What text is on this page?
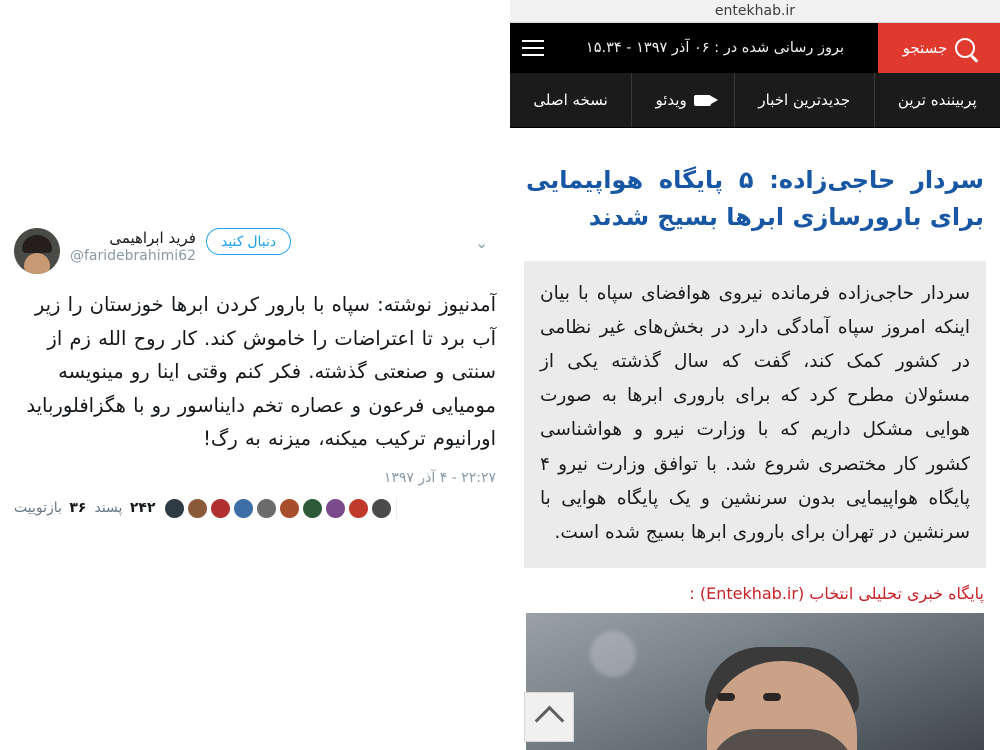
فرید ابراهیمی
@faridebrahimi62
دنبال کنید	⌄
آمدنیوز نوشته: سپاه با بارور کردن ابرها خوزستان را زیر آب برد تا اعتراضات را خاموش کند. کار روح الله زم از سنتی و صنعتی گذشته. فکر کنم وقتی اینا رو مینویسه مومیایی فرعون و عصاره تخم داینا‌سور رو با هگزافلورباید اورانیوم ترکیب میکنه، میزنه به رگ!
۲۲:۲۷ - ۴ آذر ۱۳۹۷
۳۶ بازتوییت	۲۴۲ پسند
entekhab.ir
جستجو
بروز رسانی شده در : ۰۶ آذر ۱۳۹۷ - ۱۵.۳۴
پربیننده ترین
جدیدترین اخبار
ویدئو
نسخه اصلی
سردار حاجی‌زاده: ۵ پایگاه هواپیمایی برای بارورسازی ابرها بسیج شدند
سردار حاجی‌زاده فرمانده نیروی هوافضای سپاه با بیان اینکه امروز سپاه آمادگی دارد در بخش‌های غیر نظامی در کشور کمک کند، گفت که سال گذشته یکی از مسئولان مطرح کرد که برای باروری ابرها به صورت هوایی مشکل داریم که با وزارت نیرو و هواشناسی کشور کار مختصری شروع شد. با توافق وزارت نیرو ۴ پایگاه هواپیمایی بدون سرنشین و یک پایگاه هوایی با سرنشین در تهران برای باروری ابرها بسیج شده است.
پایگاه خبری تحلیلی انتخاب (Entekhab.ir) :
